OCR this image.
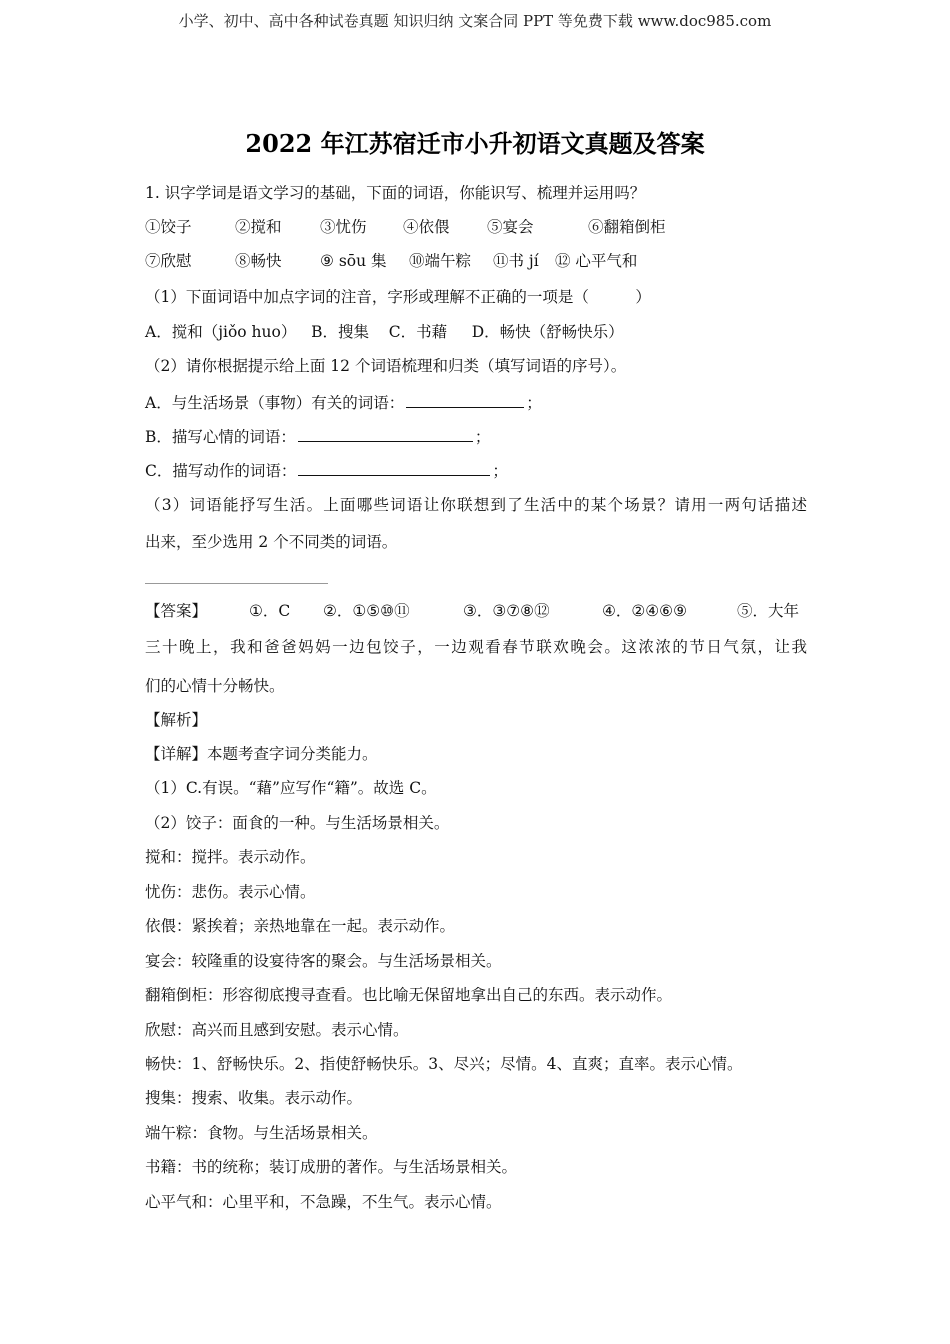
小学、初中、高中各种试卷真题 知识归纳 文案合同 PPT 等免费下载 www.doc985.com
2022 年江苏宿迁市小升初语文真题及答案
1. 识字学词是语文学习的基础，下面的词语，你能识写、梳理并运用吗？
①饺子	②搅和 ③忧伤 ④依偎 ⑤宴会	⑥翻箱倒柜
⑦欣慰	⑧畅快 ⑨ sōu 集 ⑩端午粽 ⑪书 jí ⑫ 心平气和
（1）下面词语中加点字词的注音，字形或理解不正确的一项是（　　　）
A．搅和（jiǒo huo）   B．搜集    C．书藉     D．畅快（舒畅快乐）
（2）请你根据提示给上面 12 个词语梳理和归类（填写词语的序号）。
A．与生活场景（事物）有关的词语：	；
B．描写心情的词语：	；
C．描写动作的词语：	；
（3）词语能抒写生活。上面哪些词语让你联想到了生活中的某个场景？请用一两句话描述
出来，至少选用 2 个不同类的词语。
【答案】	①．C ②．①⑤⑩⑪	③．③⑦⑧⑫	④．②④⑥⑨	⑤．大年
三十晚上，我和爸爸妈妈一边包饺子，一边观看春节联欢晚会。这浓浓的节日气氛，让我
们的心情十分畅快。
【解析】
【详解】本题考查字词分类能力。
（1）C.有误。“藉”应写作“籍”。故选 C。
（2）饺子：面食的一种。与生活场景相关。
搅和：搅拌。表示动作。
忧伤：悲伤。表示心情。
依偎：紧挨着；亲热地靠在一起。表示动作。
宴会：较隆重的设宴待客的聚会。与生活场景相关。
翻箱倒柜：形容彻底搜寻查看。也比喻无保留地拿出自己的东西。表示动作。
欣慰：高兴而且感到安慰。表示心情。
畅快：1、舒畅快乐。2、指使舒畅快乐。3、尽兴；尽情。4、直爽；直率。表示心情。
搜集：搜索、收集。表示动作。
端午粽：食物。与生活场景相关。
书籍：书的统称；装订成册的著作。与生活场景相关。
心平气和：心里平和，不急躁，不生气。表示心情。
